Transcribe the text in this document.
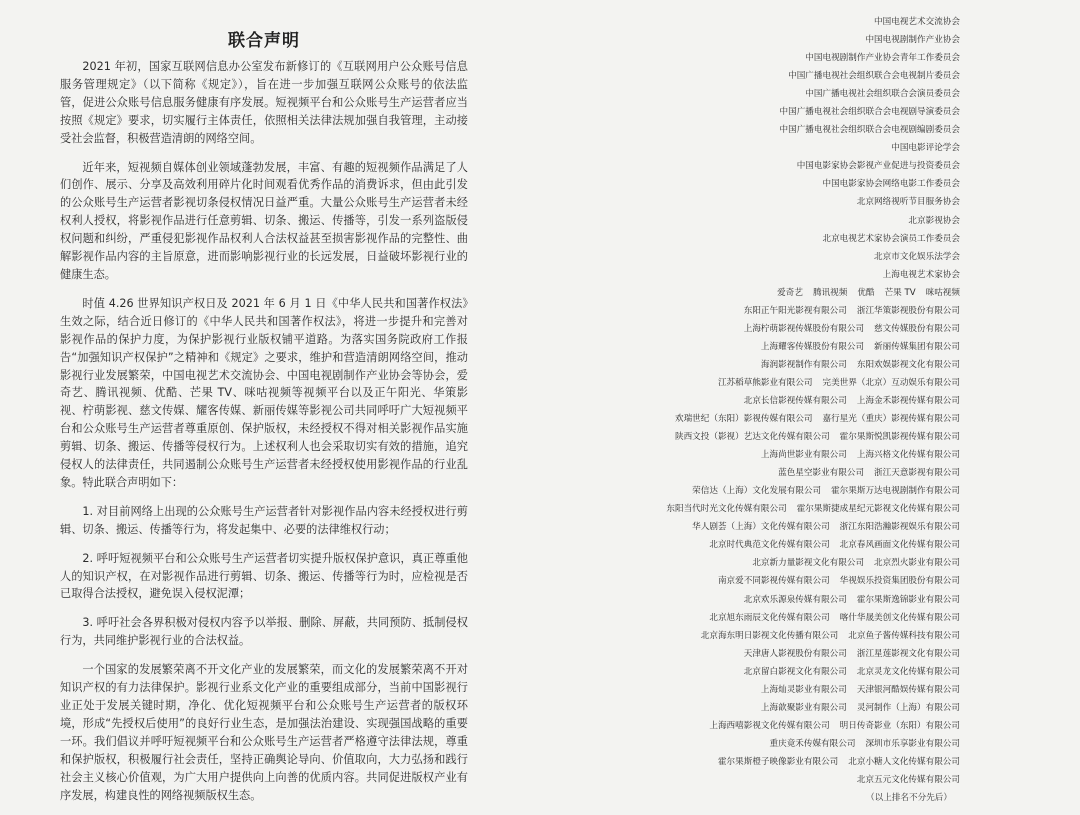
联合声明

2021 年初，国家互联网信息办公室发布新修订的《互联网用户公众账号信息服务管理规定》（以下简称《规定》），旨在进一步加强互联网公众账号的依法监管，促进公众账号信息服务健康有序发展。短视频平台和公众账号生产运营者应当按照《规定》要求，切实履行主体责任，依照相关法律法规加强自我管理，主动接受社会监督，积极营造清朗的网络空间。

近年来，短视频自媒体创业领域蓬勃发展，丰富、有趣的短视频作品满足了人们创作、展示、分享及高效利用碎片化时间观看优秀作品的消费诉求，但由此引发的公众账号生产运营者影视切条侵权情况日益严重。大量公众账号生产运营者未经权利人授权，将影视作品进行任意剪辑、切条、搬运、传播等，引发一系列盗版侵权问题和纠纷，严重侵犯影视作品权利人合法权益甚至损害影视作品的完整性、曲解影视作品内容的主旨原意，进而影响影视行业的长远发展，日益破坏影视行业的健康生态。

时值 4.26 世界知识产权日及 2021 年 6 月 1 日《中华人民共和国著作权法》生效之际，结合近日修订的《中华人民共和国著作权法》，将进一步提升和完善对影视作品的保护力度，为保护影视行业版权铺平道路。为落实国务院政府工作报告“加强知识产权保护”之精神和《规定》之要求，维护和营造清朗网络空间，推动影视行业发展繁荣，中国电视艺术交流协会、中国电视剧制作产业协会等协会，爱奇艺、腾讯视频、优酷、芒果 TV、咪咕视频等视频平台以及正午阳光、华策影视、柠萌影视、慈文传媒、耀客传媒、新丽传媒等影视公司共同呼吁广大短视频平台和公众账号生产运营者尊重原创、保护版权，未经授权不得对相关影视作品实施剪辑、切条、搬运、传播等侵权行为。上述权利人也会采取切实有效的措施，追究侵权人的法律责任，共同遏制公众账号生产运营者未经授权使用影视作品的行业乱象。特此联合声明如下：

1. 对目前网络上出现的公众账号生产运营者针对影视作品内容未经授权进行剪辑、切条、搬运、传播等行为，将发起集中、必要的法律维权行动；

2. 呼吁短视频平台和公众账号生产运营者切实提升版权保护意识，真正尊重他人的知识产权，在对影视作品进行剪辑、切条、搬运、传播等行为时，应检视是否已取得合法授权，避免误入侵权泥潭；

3. 呼吁社会各界积极对侵权内容予以举报、删除、屏蔽，共同预防、抵制侵权行为，共同维护影视行业的合法权益。

一个国家的发展繁荣离不开文化产业的发展繁荣，而文化的发展繁荣离不开对知识产权的有力法律保护。影视行业系文化产业的重要组成部分，当前中国影视行业正处于发展关键时期，净化、优化短视频平台和公众账号生产运营者的版权环境，形成“先授权后使用”的良好行业生态，是加强法治建设、实现强国战略的重要一环。我们倡议并呼吁短视频平台和公众账号生产运营者严格遵守法律法规，尊重和保护版权，积极履行社会责任，坚持正确舆论导向、价值取向，大力弘扬和践行社会主义核心价值观，为广大用户提供向上向善的优质内容。共同促进版权产业有序发展，构建良性的网络视频版权生态。

中国电视艺术交流协会
中国电视剧制作产业协会
中国电视剧制作产业协会青年工作委员会
中国广播电视社会组织联合会电视制片委员会
中国广播电视社会组织联合会演员委员会
中国广播电视社会组织联合会电视剧导演委员会
中国广播电视社会组织联合会电视剧编剧委员会
中国电影评论学会
中国电影家协会影视产业促进与投资委员会
中国电影家协会网络电影工作委员会
北京网络视听节目服务协会
北京影视协会
北京电视艺术家协会演员工作委员会
北京市文化娱乐法学会
上海电视艺术家协会
爱奇艺 腾讯视频 优酷 芒果 TV 咪咕视频
东阳正午阳光影视有限公司 浙江华策影视股份有限公司
上海柠萌影视传媒股份有限公司 慈文传媒股份有限公司
上海耀客传媒股份有限公司 新丽传媒集团有限公司
海润影视制作有限公司 东阳欢娱影视文化有限公司
江苏稻草熊影业有限公司 完美世界（北京）互动娱乐有限公司
北京长信影视传媒有限公司 上海金禾影视传媒有限公司
欢瑞世纪（东阳）影视传媒有限公司 嘉行星光（重庆）影视传媒有限公司
陕西文投（影视）艺达文化传媒有限公司 霍尔果斯悦凯影视传媒有限公司
上海尚世影业有限公司 上海兴格文化传媒有限公司
蓝色星空影业有限公司 浙江天意影视有限公司
荣信达（上海）文化发展有限公司 霍尔果斯万达电视剧制作有限公司
东阳当代时光文化传媒有限公司 霍尔果斯捷成星纪元影视文化传媒有限公司
华人剧荟（上海）文化传媒有限公司 浙江东阳浩瀚影视娱乐有限公司
北京时代典范文化传媒有限公司 北京春风画面文化传媒有限公司
北京新力量影视文化有限公司 北京烈火影业有限公司
南京爱不同影视传媒有限公司 华视娱乐投资集团股份有限公司
北京欢乐源泉传媒有限公司 霍尔果斯逸锦影业有限公司
北京旭东雨辰文化传媒有限公司 喀什华晟美创文化传媒有限公司
北京海东明日影视文化传播有限公司 北京鱼子酱传媒科技有限公司
天津唐人影视股份有限公司 浙江星莲影视文化有限公司
北京留白影视文化有限公司 北京灵龙文化传媒有限公司
上海灿灵影业有限公司 天津银河酷娱传媒有限公司
上海歆聚影业有限公司 灵河制作（上海）有限公司
上海西嘻影视文化传媒有限公司 明日传奇影业（东阳）有限公司
重庆竟禾传媒有限公司 深圳市乐享影业有限公司
霍尔果斯橙子映像影业有限公司 北京小糖人文化传媒有限公司
北京五元文化传媒有限公司
（以上排名不分先后）
